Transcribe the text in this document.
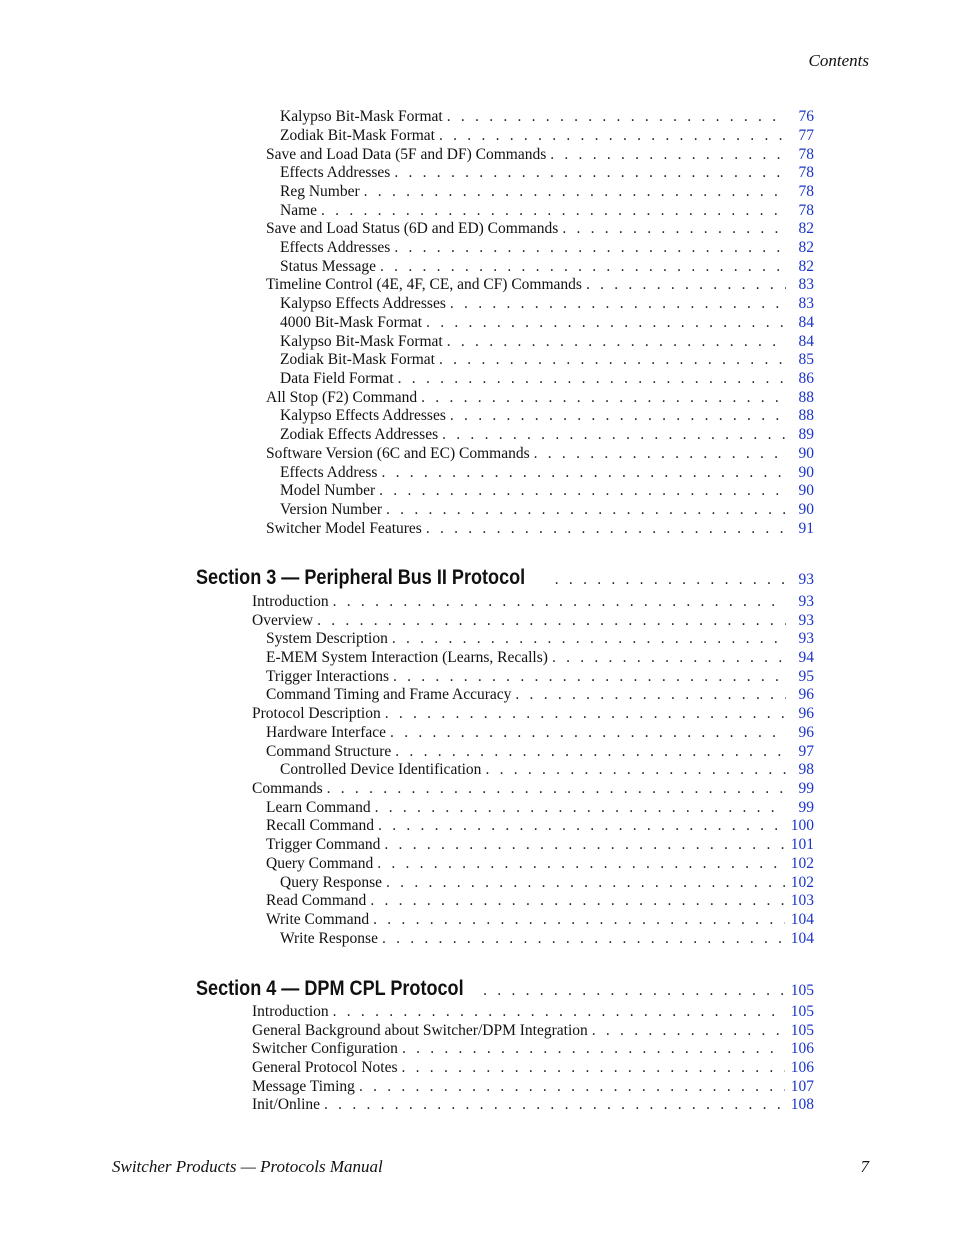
Contents
Kalypso Bit-Mask Format . . .	76
Zodiak Bit-Mask Format . . .	77
Save and Load Data (5F and DF) Commands . . .	78
Effects Addresses . . .	78
Reg Number . . .	78
Name . . .	78
Save and Load Status (6D and ED) Commands . . .	82
Effects Addresses . . .	82
Status Message . . .	82
Timeline Control (4E, 4F, CE, and CF) Commands . . .	83
Kalypso Effects Addresses . . .	83
4000 Bit-Mask Format . . .	84
Kalypso Bit-Mask Format . . .	84
Zodiak Bit-Mask Format . . .	85
Data Field Format . . .	86
All Stop (F2) Command . . .	88
Kalypso Effects Addresses . . .	88
Zodiak Effects Addresses . . .	89
Software Version (6C and EC) Commands . . .	90
Effects Address . . .	90
Model Number . . .	90
Version Number . . .	90
Switcher Model Features . . .	91
Section 3 — Peripheral Bus II Protocol . . .	93
Introduction . . .	93
Overview . . .	93
System Description . . .	93
E-MEM System Interaction (Learns, Recalls) . . .	94
Trigger Interactions . . .	95
Command Timing and Frame Accuracy . . .	96
Protocol Description . . .	96
Hardware Interface . . .	96
Command Structure . . .	97
Controlled Device Identification . . .	98
Commands . . .	99
Learn Command . . .	99
Recall Command . . .	100
Trigger Command . . .	101
Query Command . . .	102
Query Response . . .	102
Read Command . . .	103
Write Command . . .	104
Write Response . . .	104
Section 4 — DPM CPL Protocol . . .	105
Introduction . . .	105
General Background about Switcher/DPM Integration . . .	105
Switcher Configuration . . .	106
General Protocol Notes . . .	106
Message Timing . . .	107
Init/Online . . .	108
Switcher Products — Protocols Manual	7
